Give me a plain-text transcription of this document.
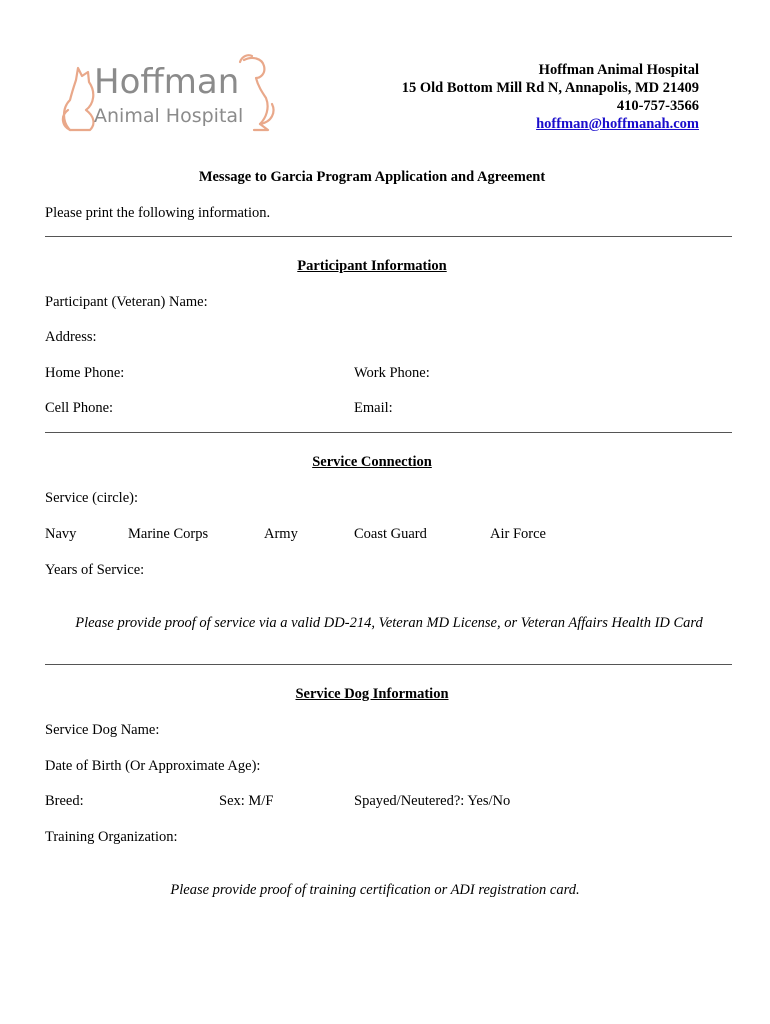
Hoffman
Animal Hospital
Hoffman Animal Hospital
15 Old Bottom Mill Rd N, Annapolis, MD 21409
410-757-3566
hoffman@hoffmanah.com
Message to Garcia Program Application and Agreement
Please print the following information.
Participant Information
Participant (Veteran) Name:
Address:
Home Phone:	Work Phone:
Cell Phone:	Email:
Service Connection
Service (circle):
Navy	Marine Corps	Army	Coast Guard	Air Force
Years of Service:
Please provide proof of service via a valid DD-214, Veteran MD License, or Veteran Affairs Health ID Card
Service Dog Information
Service Dog Name:
Date of Birth (Or Approximate Age):
Breed:	Sex: M/F	Spayed/Neutered?: Yes/No
Training Organization:
Please provide proof of training certification or ADI registration card.
